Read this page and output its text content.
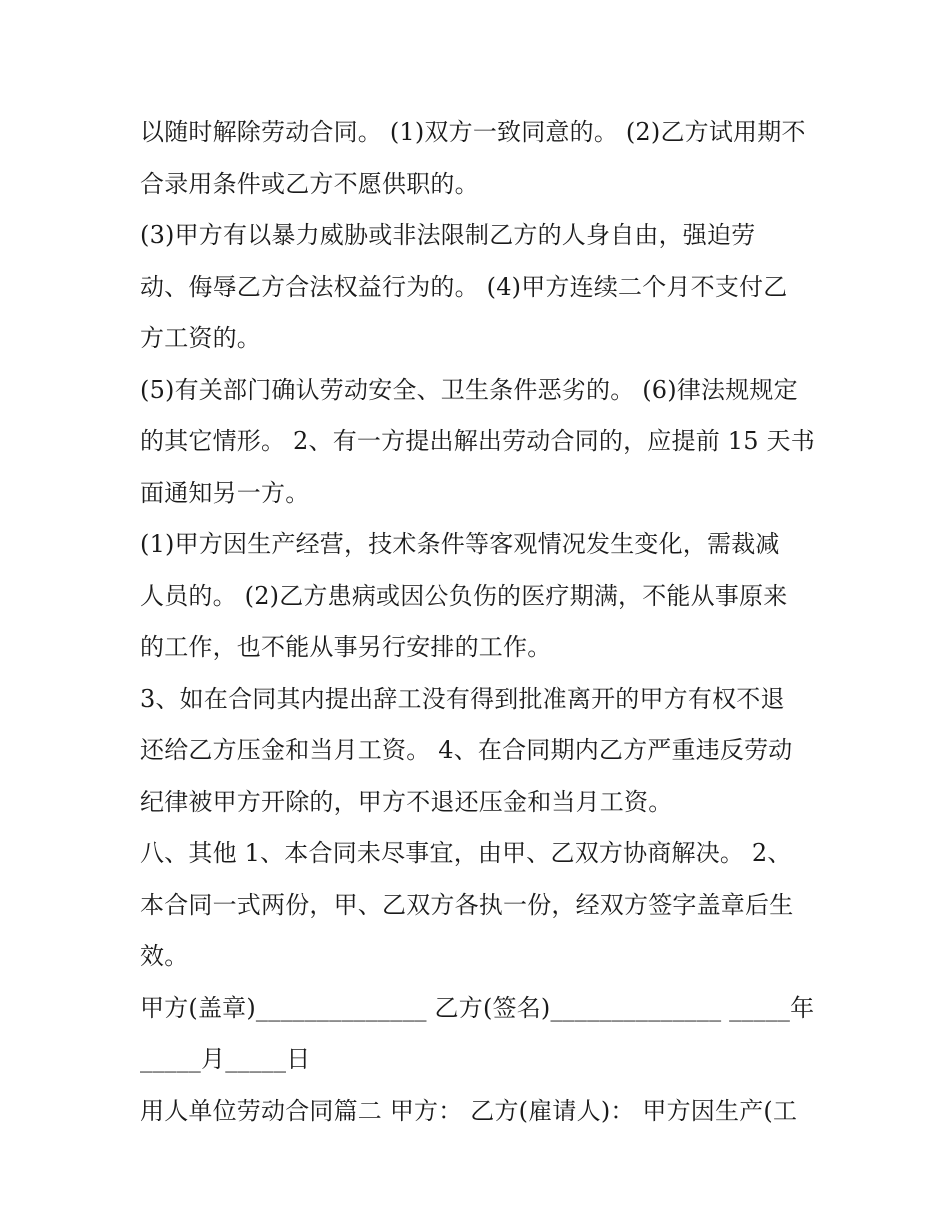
以随时解除劳动合同。 (1)双方一致同意的。 (2)乙方试用期不
合录用条件或乙方不愿供职的。
(3)甲方有以暴力威胁或非法限制乙方的人身自由，强迫劳
动、侮辱乙方合法权益行为的。 (4)甲方连续二个月不支付乙
方工资的。
(5)有关部门确认劳动安全、卫生条件恶劣的。 (6)律法规规定
的其它情形。 2、有一方提出解出劳动合同的，应提前 15 天书
面通知另一方。
(1)甲方因生产经营，技术条件等客观情况发生变化，需裁减
人员的。 (2)乙方患病或因公负伤的医疗期满，不能从事原来
的工作，也不能从事另行安排的工作。
3、如在合同其内提出辞工没有得到批准离开的甲方有权不退
还给乙方压金和当月工资。 4、在合同期内乙方严重违反劳动
纪律被甲方开除的，甲方不退还压金和当月工资。
八、其他 1、本合同未尽事宜，由甲、乙双方协商解决。 2、
本合同一式两份，甲、乙双方各执一份，经双方签字盖章后生
效。
甲方(盖章)______________ 乙方(签名)______________ _____年
_____月_____日
用人单位劳动合同篇二 甲方： 乙方(雇请人)： 甲方因生产(工
